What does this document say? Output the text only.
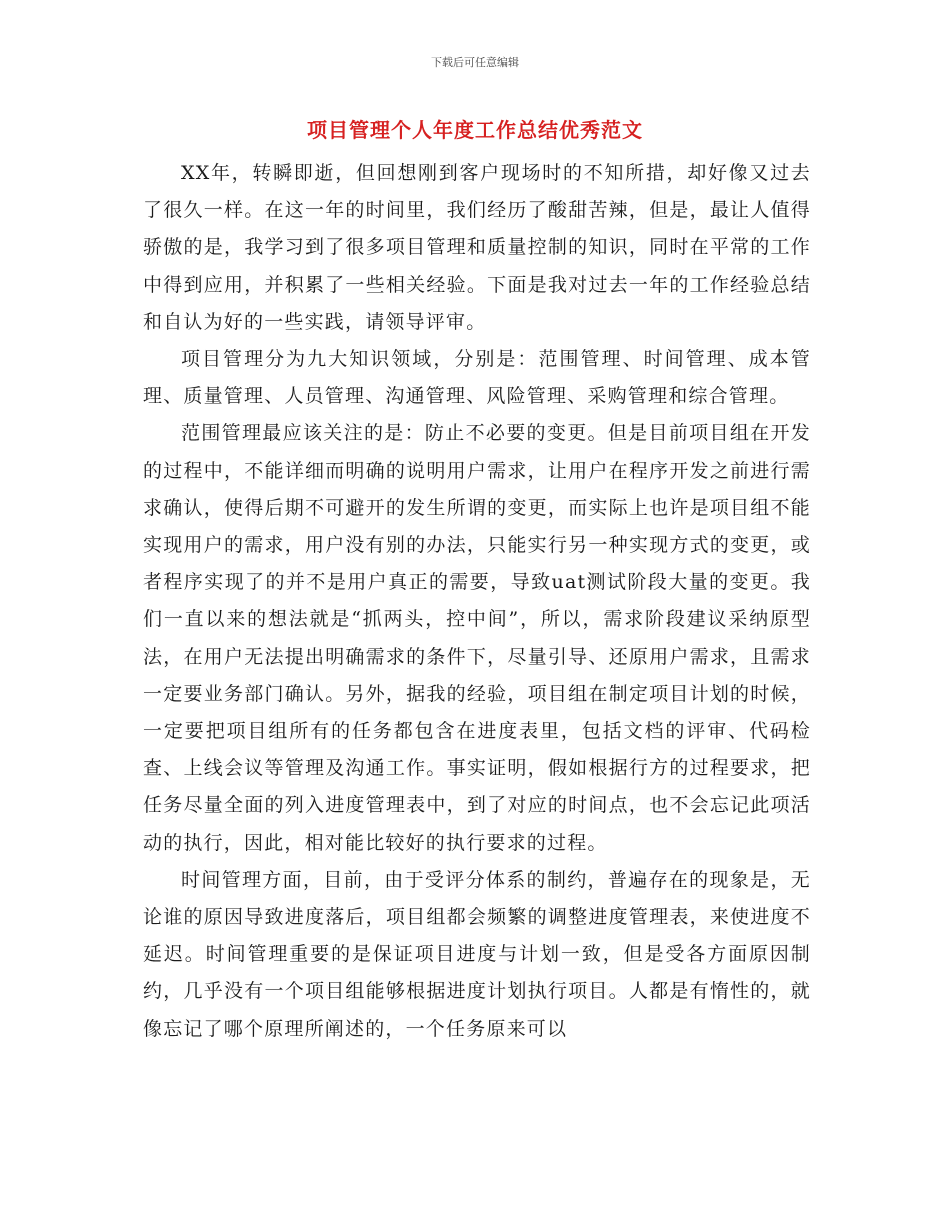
下载后可任意编辑
项目管理个人年度工作总结优秀范文

XX年，转瞬即逝，但回想刚到客户现场时的不知所措，却好像又过去了很久一样。在这一年的时间里，我们经历了酸甜苦辣，但是，最让人值得骄傲的是，我学习到了很多项目管理和质量控制的知识，同时在平常的工作中得到应用，并积累了一些相关经验。下面是我对过去一年的工作经验总结和自认为好的一些实践，请领导评审。

项目管理分为九大知识领域，分别是：范围管理、时间管理、成本管理、质量管理、人员管理、沟通管理、风险管理、采购管理和综合管理。

范围管理最应该关注的是：防止不必要的变更。但是目前项目组在开发的过程中，不能详细而明确的说明用户需求，让用户在程序开发之前进行需求确认，使得后期不可避开的发生所谓的变更，而实际上也许是项目组不能实现用户的需求，用户没有别的办法，只能实行另一种实现方式的变更，或者程序实现了的并不是用户真正的需要，导致uat测试阶段大量的变更。我们一直以来的想法就是“抓两头，控中间”，所以，需求阶段建议采纳原型法，在用户无法提出明确需求的条件下，尽量引导、还原用户需求，且需求一定要业务部门确认。另外，据我的经验，项目组在制定项目计划的时候，一定要把项目组所有的任务都包含在进度表里，包括文档的评审、代码检查、上线会议等管理及沟通工作。事实证明，假如根据行方的过程要求，把任务尽量全面的列入进度管理表中，到了对应的时间点，也不会忘记此项活动的执行，因此，相对能比较好的执行要求的过程。

时间管理方面，目前，由于受评分体系的制约，普遍存在的现象是，无论谁的原因导致进度落后，项目组都会频繁的调整进度管理表，来使进度不延迟。时间管理重要的是保证项目进度与计划一致，但是受各方面原因制约，几乎没有一个项目组能够根据进度计划执行项目。人都是有惰性的，就像忘记了哪个原理所阐述的，一个任务原来可以
